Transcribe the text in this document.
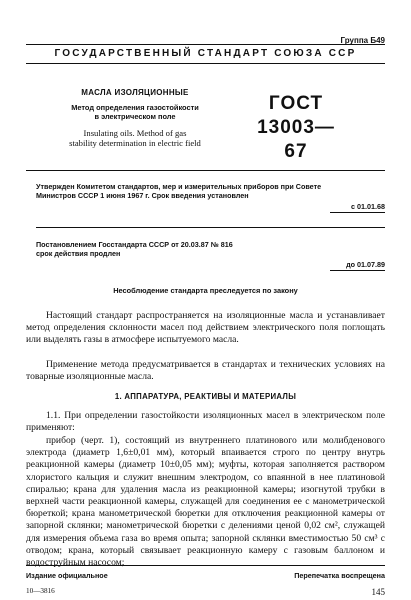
Группа Б49
ГОСУДАРСТВЕННЫЙ СТАНДАРТ СОЮЗА ССР
МАСЛА ИЗОЛЯЦИОННЫЕ
Метод определения газостойкости
в электрическом поле
Insulating oils. Method of gas
stability determination in electric field
ГОСТ
13003—67
Утвержден Комитетом стандартов, мер и измерительных приборов при Совете
Министров СССР 1 июня 1967 г. Срок введения установлен
с 01.01.68
Постановлением Госстандарта СССР от 20.03.87 № 816
срок действия продлен
до 01.07.89
Несоблюдение стандарта преследуется по закону
Настоящий стандарт распространяется на изоляционные масла и устанавливает метод определения склонности масел под действием электрического поля поглощать или выделять газы в атмосфере испытуемого масла.
Применение метода предусматривается в стандартах и технических условиях на товарные изоляционные масла.
1. АППАРАТУРА, РЕАКТИВЫ И МАТЕРИАЛЫ
1.1. При определении газостойкости изоляционных масел в электрическом поле применяют:
прибор (черт. 1), состоящий из внутреннего платинового или молибденового электрода (диаметр 1,6±0,01 мм), который впаивается строго по центру внутрь реакционной камеры (диаметр 10±0,05 мм); муфты, которая заполняется раствором хлористого кальция и служит внешним электродом, со впаянной в нее платиновой спиралью; крана для удаления масла из реакционной камеры; изогнутой трубки в верхней части реакционной камеры, служащей для соединения ее с манометрической бюреткой; крана манометрической бюретки для отключения реакционной камеры от запорной склянки; манометрической бюретки с делениями ценой 0,02 см², служащей для измерения объема газа во время опыта; запорной склянки вместимостью 50 см³ с отводом; крана, который связывает реакционную камеру с газовым баллоном и водоструйным насосом;
Издание официальное	Перепечатка воспрещена
10—3816	145
